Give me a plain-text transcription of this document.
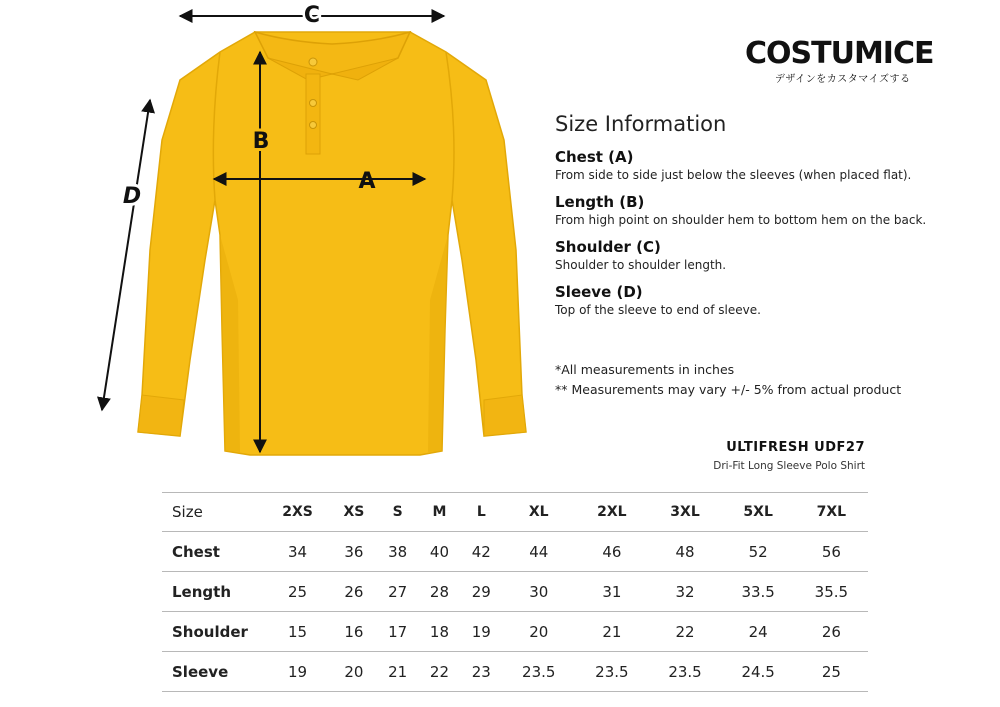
C
A
B
D
COSTUMICE
デザインをカスタマイズする
Size Information
Chest (A)
From side to side just below the sleeves (when placed flat).
Length (B)
From high point on shoulder hem to bottom hem on the back.
Shoulder (C)
Shoulder to shoulder length.
Sleeve (D)
Top of the sleeve to end of sleeve.
*All measurements in inches
** Measurements may vary +/- 5% from actual product
ULTIFRESH UDF27
Dri-Fit Long Sleeve Polo Shirt
Size	2XS	XS	S	M	L	XL	2XL	3XL	5XL	7XL
Chest	34	36	38	40	42	44	46	48	52	56
Length	25	26	27	28	29	30	31	32	33.5	35.5
Shoulder	15	16	17	18	19	20	21	22	24	26
Sleeve	19	20	21	22	23	23.5	23.5	23.5	24.5	25
